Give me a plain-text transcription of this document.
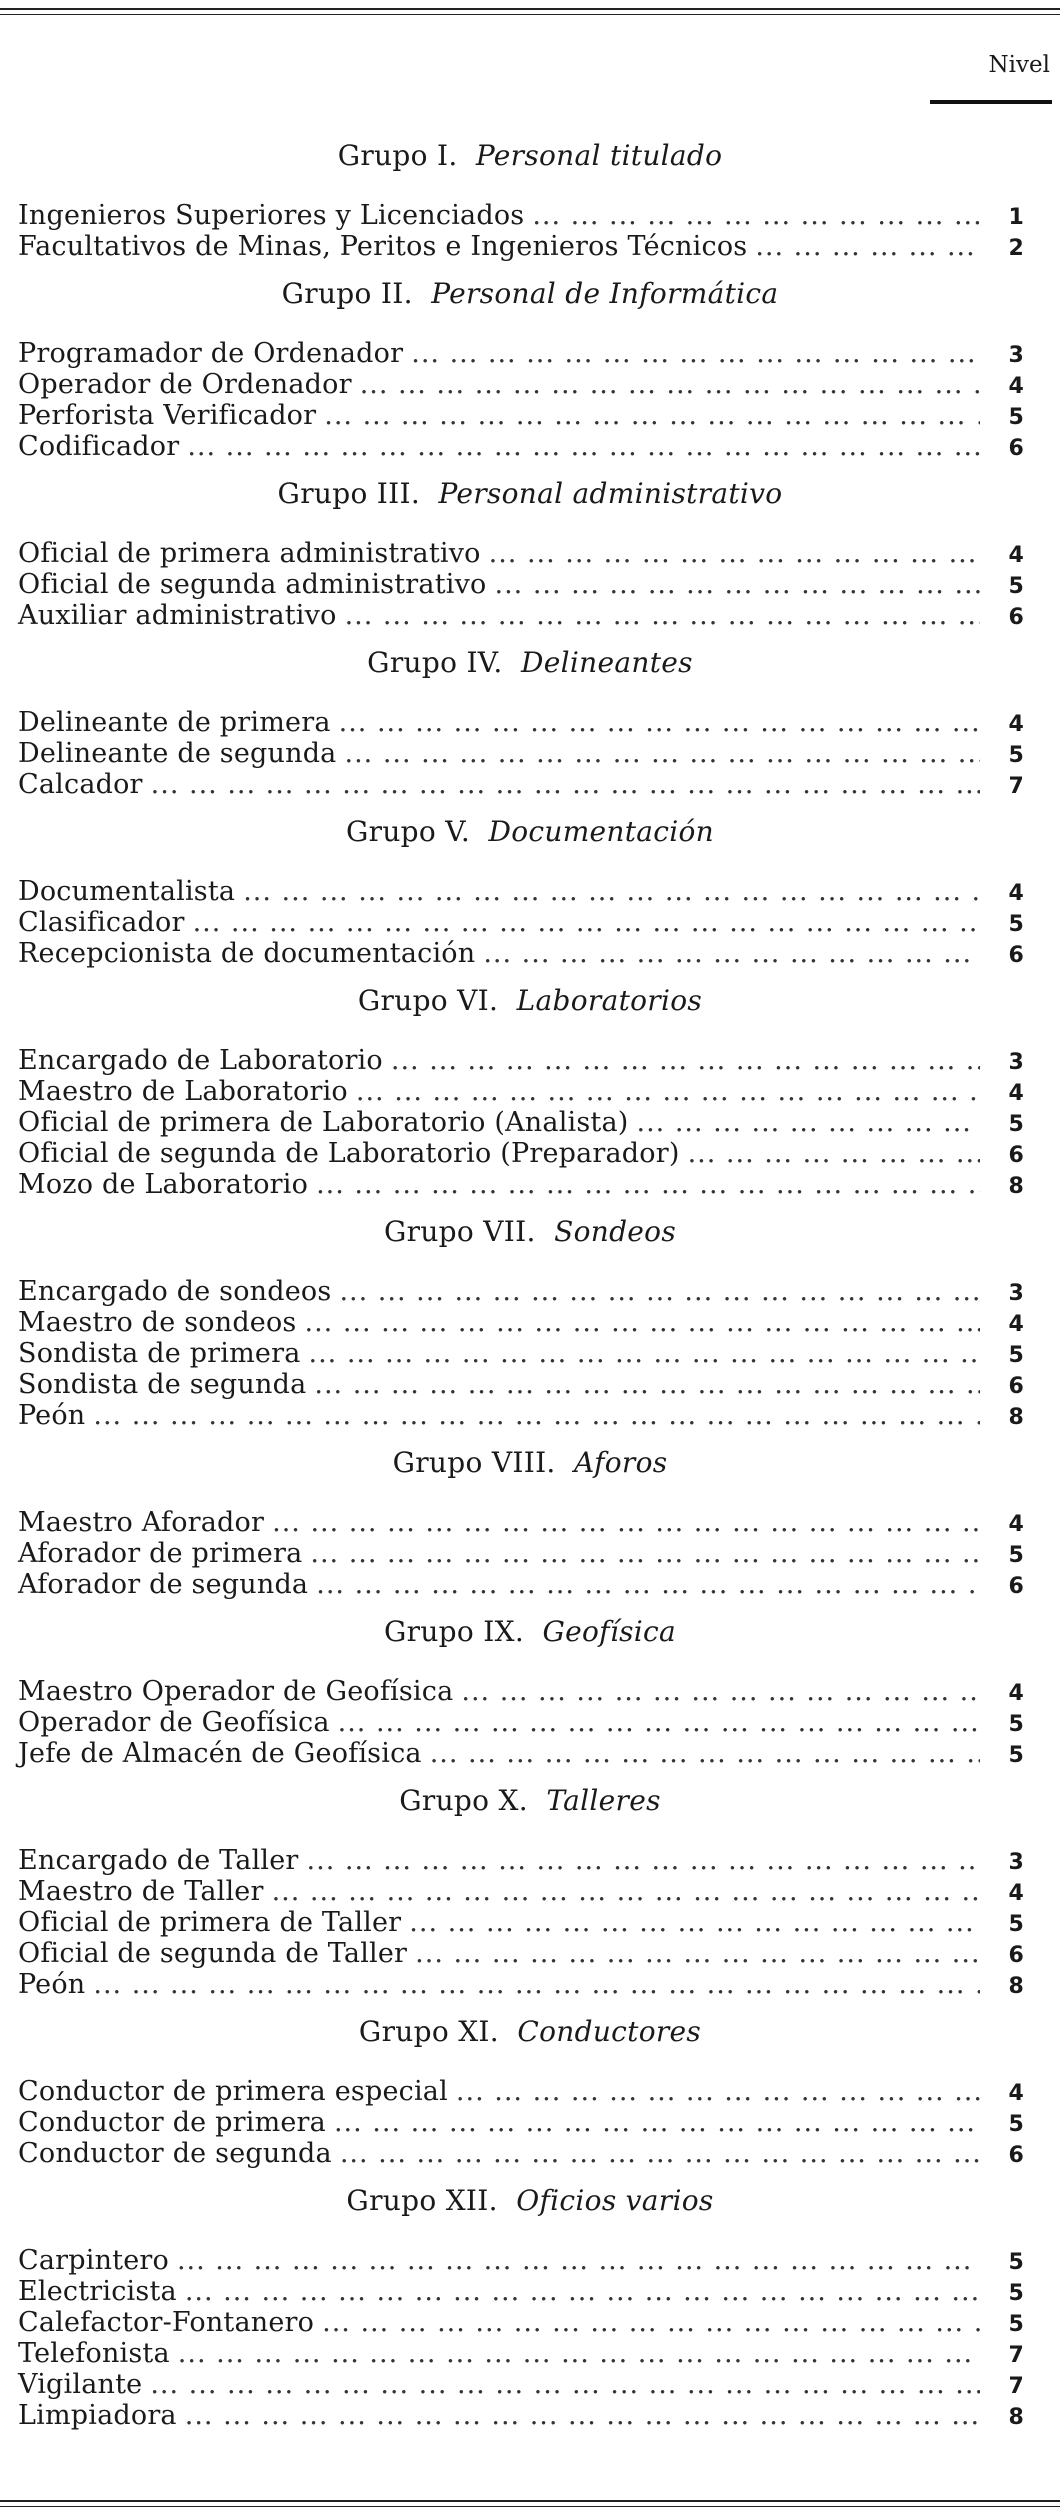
Nivel
Grupo I. Personal titulado
Ingenieros Superiores y Licenciados ... .	1
Facultativos de Minas, Peritos e Ingenieros Técnicos ... .	2
Grupo II. Personal de Informática
Programador de Ordenador ... .	3
Operador de Ordenador ... .	4
Perforista Verificador ... .	5
Codificador ... .	6
Grupo III. Personal administrativo
Oficial de primera administrativo ... .	4
Oficial de segunda administrativo ... .	5
Auxiliar administrativo ... .	6
Grupo IV. Delineantes
Delineante de primera ... .	4
Delineante de segunda ... .	5
Calcador ... .	7
Grupo V. Documentación
Documentalista ... .	4
Clasificador ... .	5
Recepcionista de documentación ... .	6
Grupo VI. Laboratorios
Encargado de Laboratorio ... .	3
Maestro de Laboratorio ... .	4
Oficial de primera de Laboratorio (Analista) ... .	5
Oficial de segunda de Laboratorio (Preparador) ... .	6
Mozo de Laboratorio ... .	8
Grupo VII. Sondeos
Encargado de sondeos ... .	3
Maestro de sondeos ... .	4
Sondista de primera ... .	5
Sondista de segunda ... .	6
Peón ... .	8
Grupo VIII. Aforos
Maestro Aforador ... .	4
Aforador de primera ... .	5
Aforador de segunda ... .	6
Grupo IX. Geofísica
Maestro Operador de Geofísica ... .	4
Operador de Geofísica ... .	5
Jefe de Almacén de Geofísica ... .	5
Grupo X. Talleres
Encargado de Taller ... .	3
Maestro de Taller ... .	4
Oficial de primera de Taller ... .	5
Oficial de segunda de Taller ... .	6
Peón ... .	8
Grupo XI. Conductores
Conductor de primera especial ... .	4
Conductor de primera ... .	5
Conductor de segunda ... .	6
Grupo XII. Oficios varios
Carpintero ... .	5
Electricista ... .	5
Calefactor-Fontanero ... .	5
Telefonista ... .	7
Vigilante ... .	7
Limpiadora ... .	8
